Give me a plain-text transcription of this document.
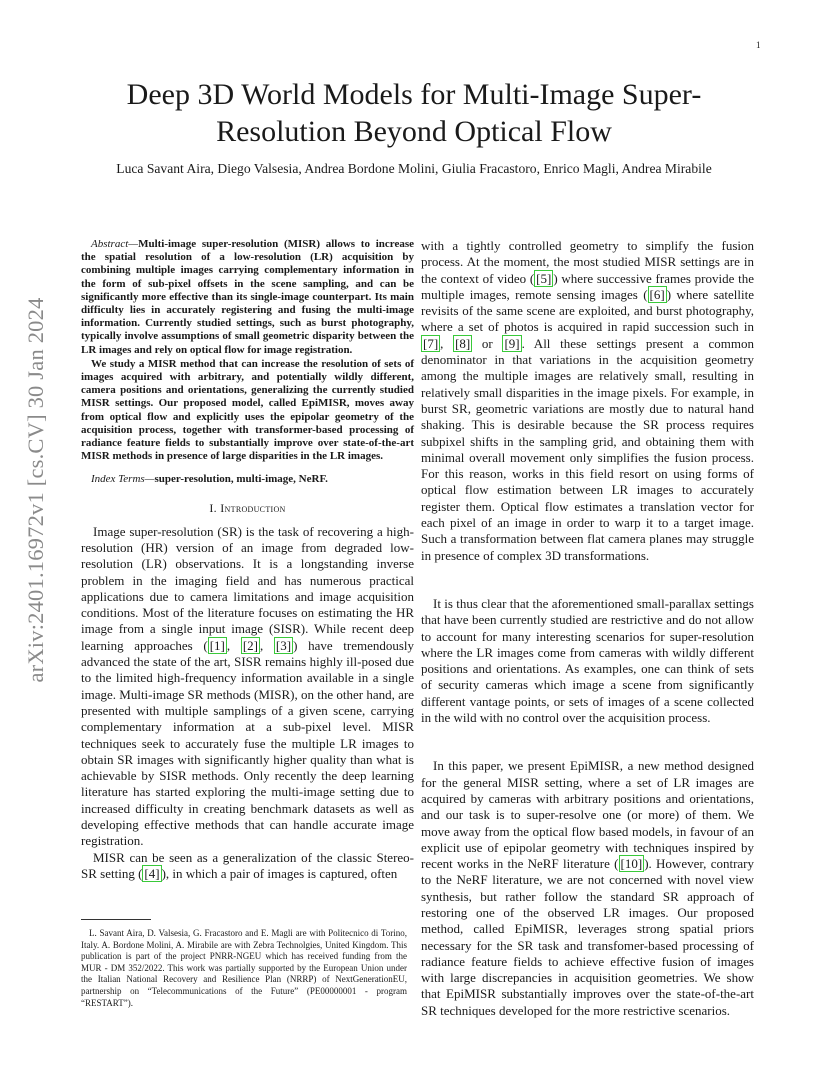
1
arXiv:2401.16972v1 [cs.CV] 30 Jan 2024
Deep 3D World Models for Multi-Image Super-Resolution Beyond Optical Flow
Luca Savant Aira, Diego Valsesia, Andrea Bordone Molini, Giulia Fracastoro, Enrico Magli, Andrea Mirabile

Abstract—Multi-image super-resolution (MISR) allows to increase the spatial resolution of a low-resolution (LR) acquisition by combining multiple images carrying complementary information in the form of sub-pixel offsets in the scene sampling, and can be significantly more effective than its single-image counterpart. Its main difficulty lies in accurately registering and fusing the multi-image information. Currently studied settings, such as burst photography, typically involve assumptions of small geometric disparity between the LR images and rely on optical flow for image registration.

We study a MISR method that can increase the resolution of sets of images acquired with arbitrary, and potentially wildly different, camera positions and orientations, generalizing the currently studied MISR settings. Our proposed model, called EpiMISR, moves away from optical flow and explicitly uses the epipolar geometry of the acquisition process, together with transformer-based processing of radiance feature fields to substantially improve over state-of-the-art MISR methods in presence of large disparities in the LR images.

Index Terms—super-resolution, multi-image, NeRF.

I. Introduction

Image super-resolution (SR) is the task of recovering a high-resolution (HR) version of an image from degraded low-resolution (LR) observations. It is a longstanding inverse problem in the imaging field and has numerous practical applications due to camera limitations and image acquisition conditions. Most of the literature focuses on estimating the HR image from a single input image (SISR). While recent deep learning approaches ( [1] , [2] , [3] ) have tremendously advanced the state of the art, SISR remains highly ill-posed due to the limited high-frequency information available in a single image. Multi-image SR methods (MISR), on the other hand, are presented with multiple samplings of a given scene, carrying complementary information at a sub-pixel level. MISR techniques seek to accurately fuse the multiple LR images to obtain SR images with significantly higher quality than what is achievable by SISR methods. Only recently the deep learning literature has started exploring the multi-image setting due to increased difficulty in creating benchmark datasets as well as developing effective methods that can handle accurate image registration.

MISR can be seen as a generalization of the classic Stereo-SR setting ( [4] ), in which a pair of images is captured, often

with a tightly controlled geometry to simplify the fusion process. At the moment, the most studied MISR settings are in the context of video ( [5] ) where successive frames provide the multiple images, remote sensing images ( [6] ) where satellite revisits of the same scene are exploited, and burst photography, where a set of photos is acquired in rapid succession such in [7] , [8] or [9] . All these settings present a common denominator in that variations in the acquisition geometry among the multiple images are relatively small, resulting in relatively small disparities in the image pixels. For example, in burst SR, geometric variations are mostly due to natural hand shaking. This is desirable because the SR process requires subpixel shifts in the sampling grid, and obtaining them with minimal overall movement only simplifies the fusion process. For this reason, works in this field resort on using forms of optical flow estimation between LR images to accurately register them. Optical flow estimates a translation vector for each pixel of an image in order to warp it to a target image. Such a transformation between flat camera planes may struggle in presence of complex 3D transformations.

It is thus clear that the aforementioned small-parallax settings that have been currently studied are restrictive and do not allow to account for many interesting scenarios for super-resolution where the LR images come from cameras with wildly different positions and orientations. As examples, one can think of sets of security cameras which image a scene from significantly different vantage points, or sets of images of a scene collected in the wild with no control over the acquisition process.

In this paper, we present EpiMISR, a new method designed for the general MISR setting, where a set of LR images are acquired by cameras with arbitrary positions and orientations, and our task is to super-resolve one (or more) of them. We move away from the optical flow based models, in favour of an explicit use of epipolar geometry with techniques inspired by recent works in the NeRF literature ( [10] ). However, contrary to the NeRF literature, we are not concerned with novel view synthesis, but rather follow the standard SR approach of restoring one of the observed LR images. Our proposed method, called EpiMISR, leverages strong spatial priors necessary for the SR task and transfomer-based processing of radiance feature fields to achieve effective fusion of images with large discrepancies in acquisition geometries. We show that EpiMISR substantially improves over the state-of-the-art SR techniques developed for the more restrictive scenarios.

L. Savant Aira, D. Valsesia, G. Fracastoro and E. Magli are with Politecnico di Torino, Italy. A. Bordone Molini, A. Mirabile are with Zebra Technolgies, United Kingdom. This publication is part of the project PNRR-NGEU which has received funding from the MUR - DM 352/2022. This work was partially supported by the European Union under the Italian National Recovery and Resilience Plan (NRRP) of NextGenerationEU, partnership on “Telecommunications of the Future” (PE00000001 - program “RESTART”).
